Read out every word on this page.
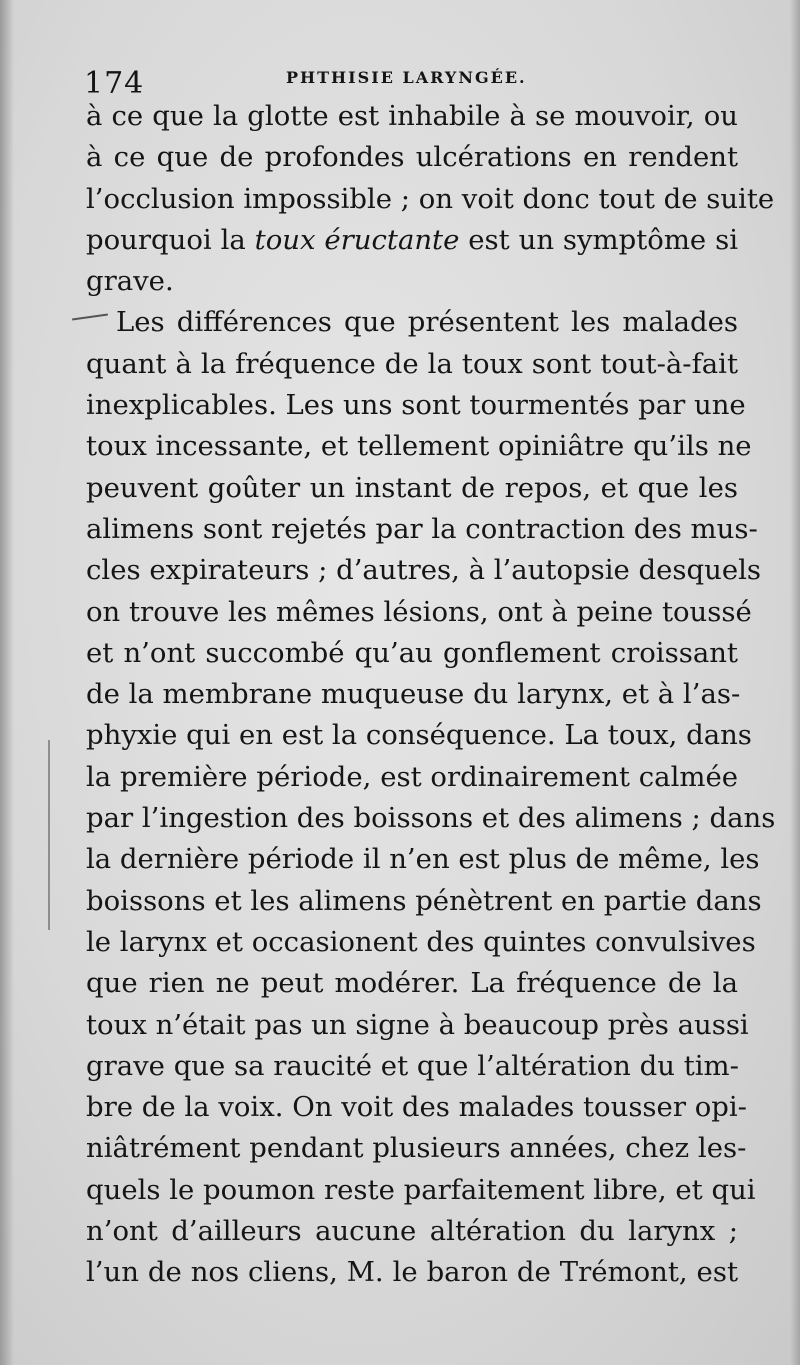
174	PHTHISIE LARYNGÉE.
à ce que la glotte est inhabile à se mouvoir, ou
à ce que de profondes ulcérations en rendent
l’occlusion impossible ; on voit donc tout de suite
pourquoi la toux éructante est un symptôme si
grave.
Les différences que présentent les malades
quant à la fréquence de la toux sont tout-à-fait
inexplicables. Les uns sont tourmentés par une
toux incessante, et tellement opiniâtre qu’ils ne
peuvent goûter un instant de repos, et que les
alimens sont rejetés par la contraction des mus-
cles expirateurs ; d’autres, à l’autopsie desquels
on trouve les mêmes lésions, ont à peine toussé
et n’ont succombé qu’au gonflement croissant
de la membrane muqueuse du larynx, et à l’as-
phyxie qui en est la conséquence. La toux, dans
la première période, est ordinairement calmée
par l’ingestion des boissons et des alimens ; dans
la dernière période il n’en est plus de même, les
boissons et les alimens pénètrent en partie dans
le larynx et occasionent des quintes convulsives
que rien ne peut modérer. La fréquence de la
toux n’était pas un signe à beaucoup près aussi
grave que sa raucité et que l’altération du tim-
bre de la voix. On voit des malades tousser opi-
niâtrément pendant plusieurs années, chez les-
quels le poumon reste parfaitement libre, et qui
n’ont d’ailleurs aucune altération du larynx ;
l’un de nos cliens, M. le baron de Trémont, est
